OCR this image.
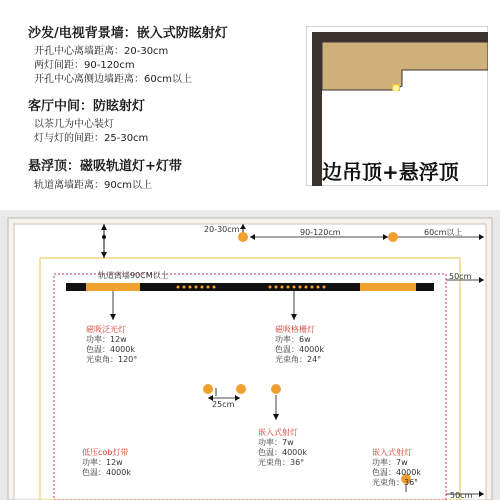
沙发/电视背景墙：嵌入式防眩射灯
开孔中心离墙距离：20-30cm
两灯间距：90-120cm
开孔中心离侧边墙距离：60cm以上
客厅中间：防眩射灯
以茶几为中心装灯
灯与灯的间距：25-30cm
悬浮顶：磁吸轨道灯+灯带
轨道离墙距离：90cm以上
边吊顶+悬浮顶
20-30cm	90-120cm	60cm以上
轨道离墙90CM以上	50cm
50cm
25cm
磁吸泛光灯
功率：12w
色温：4000k
光束角：120°
磁吸格栅灯
功率：6w
色温：4000k
光束角：24°
嵌入式射灯
功率：7w
色温：4000k
光束角：36°
低压cob灯带
功率：12w
色温：4000k
嵌入式射灯
功率：7w
色温：4000k
光束角：36°
